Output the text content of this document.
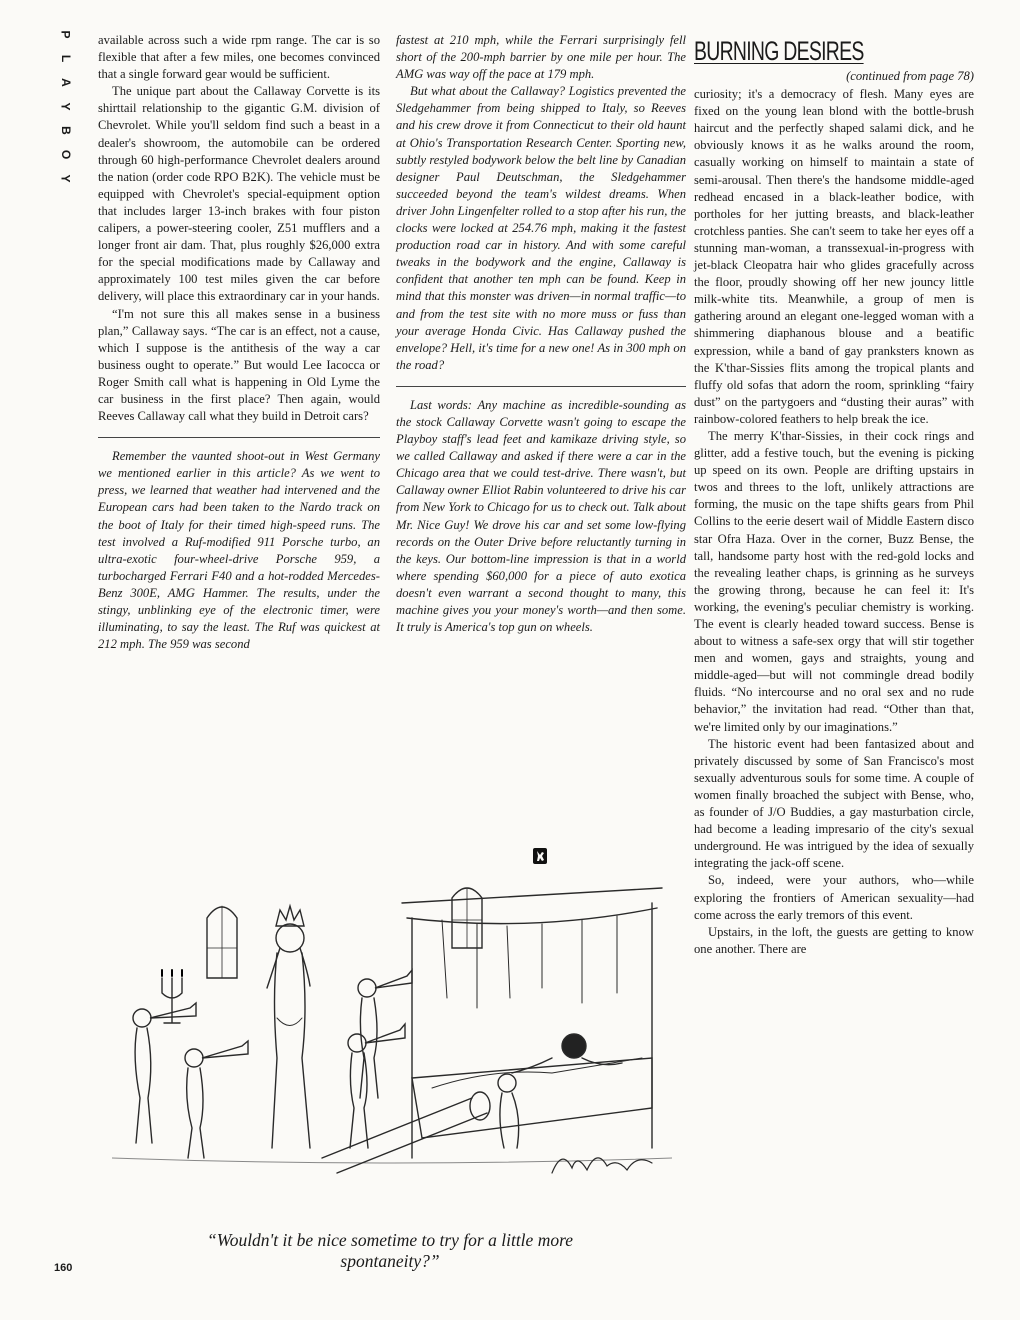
P
L
A
Y
B
O
Y

available across such a wide rpm range. The car is so flexible that after a few miles, one becomes convinced that a single forward gear would be sufficient.

The unique part about the Callaway Corvette is its shirttail relationship to the gigantic G.M. division of Chevrolet. While you'll seldom find such a beast in a dealer's showroom, the automobile can be ordered through 60 high-performance Chevrolet dealers around the nation (order code RPO B2K). The vehicle must be equipped with Chevrolet's special-equipment option that includes larger 13-inch brakes with four piston calipers, a power-steering cooler, Z51 mufflers and a longer front air dam. That, plus roughly $26,000 extra for the special modifications made by Callaway and approximately 100 test miles given the car before delivery, will place this extraordinary car in your hands.

“I'm not sure this all makes sense in a business plan,” Callaway says. “The car is an effect, not a cause, which I suppose is the antithesis of the way a car business ought to operate.” But would Lee Iacocca or Roger Smith call what is happening in Old Lyme the car business in the first place? Then again, would Reeves Callaway call what they build in Detroit cars?

Remember the vaunted shoot-out in West Germany we mentioned earlier in this article? As we went to press, we learned that weather had intervened and the European cars had been taken to the Nardo track on the boot of Italy for their timed high-speed runs. The test involved a Ruf-modified 911 Porsche turbo, an ultra-exotic four-wheel-drive Porsche 959, a turbocharged Ferrari F40 and a hot-rodded Mercedes-Benz 300E, AMG Hammer. The results, under the stingy, unblinking eye of the electronic timer, were illuminating, to say the least. The Ruf was quickest at 212 mph. The 959 was second

fastest at 210 mph, while the Ferrari surprisingly fell short of the 200-mph barrier by one mile per hour. The AMG was way off the pace at 179 mph.

But what about the Callaway? Logistics prevented the Sledgehammer from being shipped to Italy, so Reeves and his crew drove it from Connecticut to their old haunt at Ohio's Transportation Research Center. Sporting new, subtly restyled bodywork below the belt line by Canadian designer Paul Deutschman, the Sledgehammer succeeded beyond the team's wildest dreams. When driver John Lingenfelter rolled to a stop after his run, the clocks were locked at 254.76 mph, making it the fastest production road car in history. And with some careful tweaks in the bodywork and the engine, Callaway is confident that another ten mph can be found. Keep in mind that this monster was driven—in normal traffic—to and from the test site with no more muss or fuss than your average Honda Civic. Has Callaway pushed the envelope? Hell, it's time for a new one! As in 300 mph on the road?

Last words: Any machine as incredible-sounding as the stock Callaway Corvette wasn't going to escape the Playboy staff's lead feet and kamikaze driving style, so we called Callaway and asked if there were a car in the Chicago area that we could test-drive. There wasn't, but Callaway owner Elliot Rabin volunteered to drive his car from New York to Chicago for us to check out. Talk about Mr. Nice Guy! We drove his car and set some low-flying records on the Outer Drive before reluctantly turning in the keys. Our bottom-line impression is that in a world where spending $60,000 for a piece of auto exotica doesn't even warrant a second thought to many, this machine gives you your money's worth—and then some. It truly is America's top gun on wheels.

BURNING DESIRES
(continued from page 78)

curiosity; it's a democracy of flesh. Many eyes are fixed on the young lean blond with the bottle-brush haircut and the perfectly shaped salami dick, and he obviously knows it as he walks around the room, casually working on himself to maintain a state of semi-arousal. Then there's the handsome middle-aged redhead encased in a black-leather bodice, with portholes for her jutting breasts, and black-leather crotchless panties. She can't seem to take her eyes off a stunning man-woman, a transsexual-in-progress with jet-black Cleopatra hair who glides gracefully across the floor, proudly showing off her new jouncy little milk-white tits. Meanwhile, a group of men is gathering around an elegant one-legged woman with a shimmering diaphanous blouse and a beatific expression, while a band of gay pranksters known as the K'thar-Sissies flits among the tropical plants and fluffy old sofas that adorn the room, sprinkling “fairy dust” on the partygoers and “dusting their auras” with rainbow-colored feathers to help break the ice.

The merry K'thar-Sissies, in their cock rings and glitter, add a festive touch, but the evening is picking up speed on its own. People are drifting upstairs in twos and threes to the loft, unlikely attractions are forming, the music on the tape shifts gears from Phil Collins to the eerie desert wail of Middle Eastern disco star Ofra Haza. Over in the corner, Buzz Bense, the tall, handsome party host with the red-gold locks and the revealing leather chaps, is grinning as he surveys the growing throng, because he can feel it: It's working, the evening's peculiar chemistry is working. The event is clearly headed toward success. Bense is about to witness a safe-sex orgy that will stir together men and women, gays and straights, young and middle-aged—but will not commingle dread bodily fluids. “No intercourse and no oral sex and no rude behavior,” the invitation had read. “Other than that, we're limited only by our imaginations.”

The historic event had been fantasized about and privately discussed by some of San Francisco's most sexually adventurous souls for some time. A couple of women finally broached the subject with Bense, who, as founder of J/O Buddies, a gay masturbation circle, had become a leading impresario of the city's sexual underground. He was intrigued by the idea of sexually integrating the jack-off scene.

So, indeed, were your authors, who—while exploring the frontiers of American sexuality—had come across the early tremors of this event.

Upstairs, in the loft, the guests are getting to know one another. There are

“Wouldn't it be nice sometime to try for a little more spontaneity?”
160
